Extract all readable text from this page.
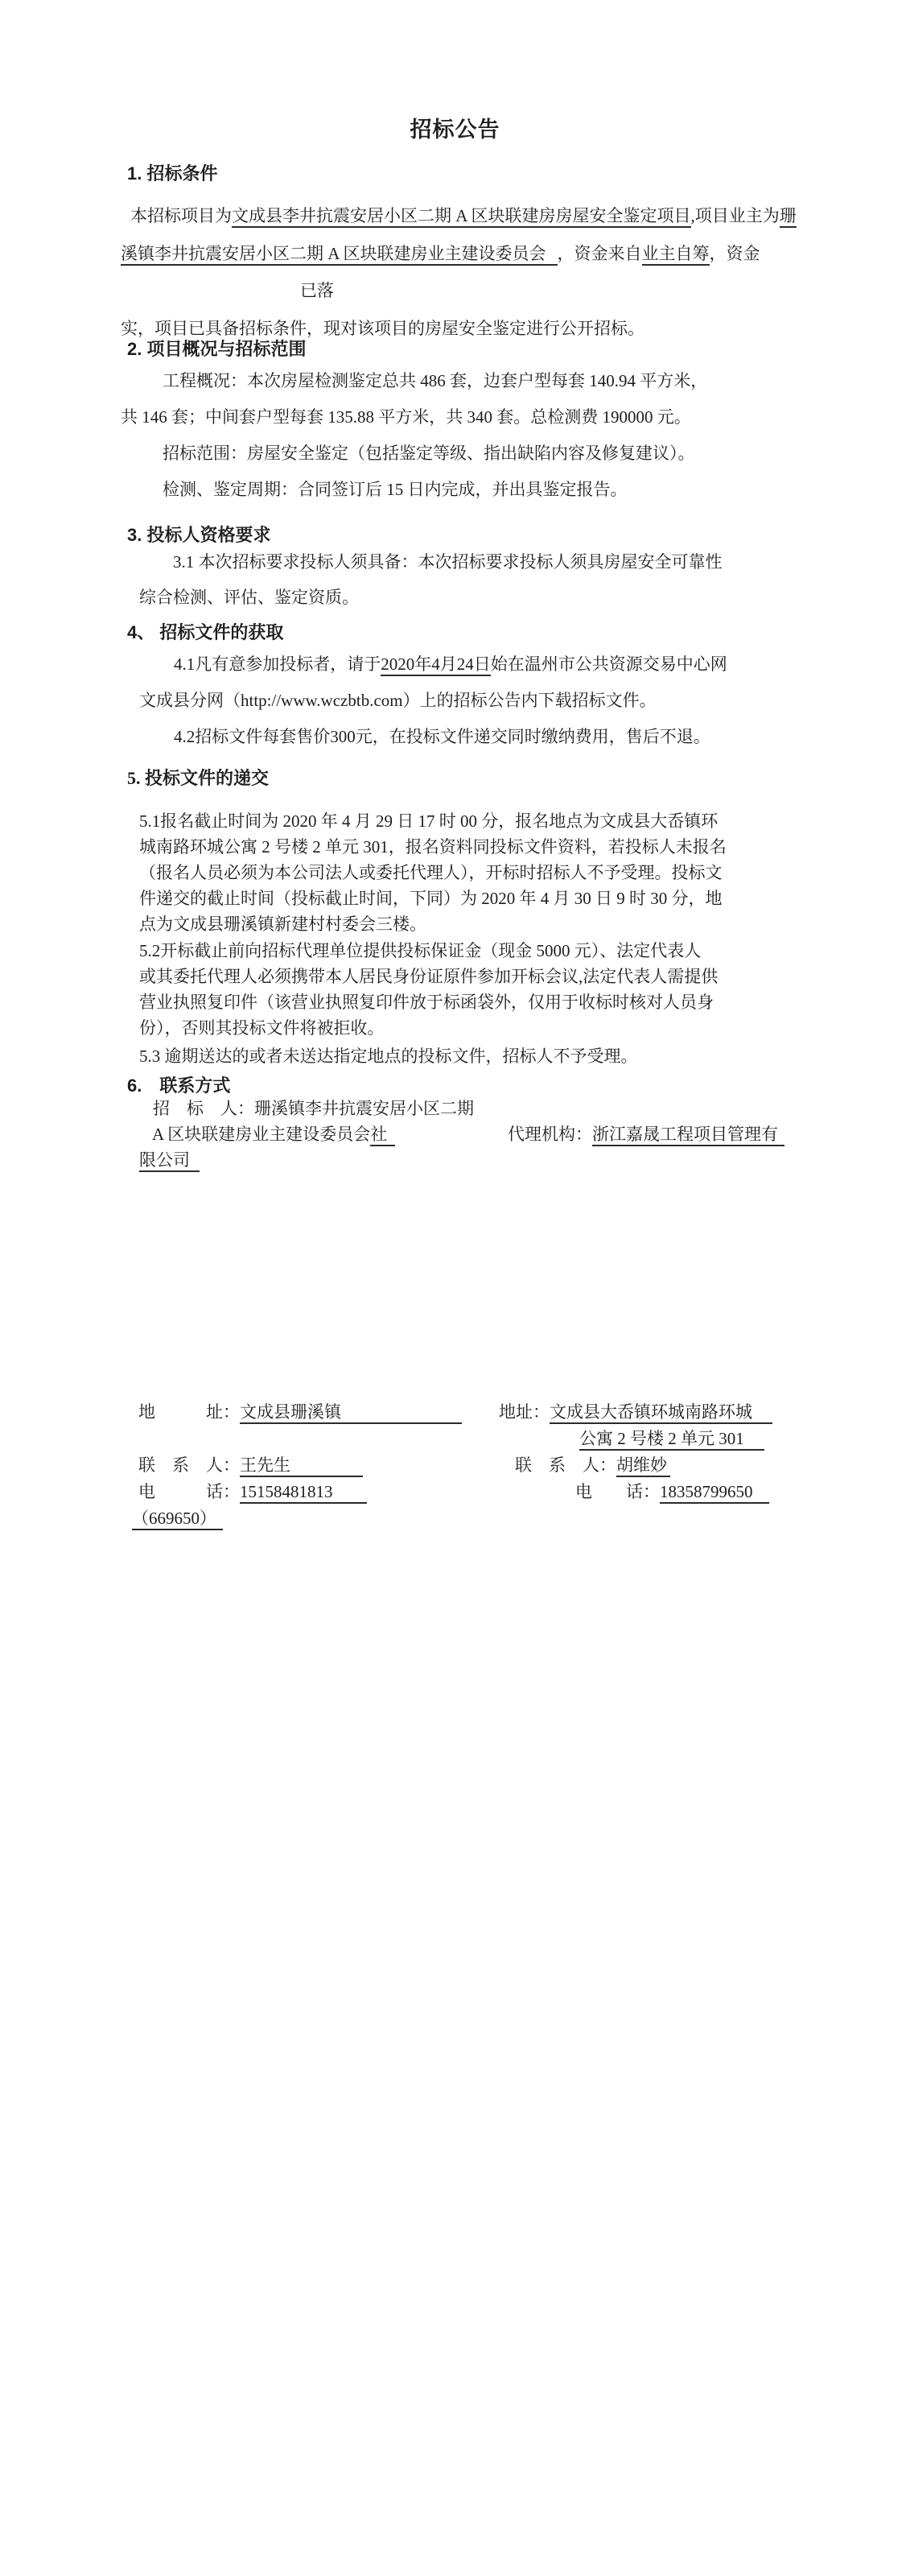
招标公告
1. 招标条件
本招标项目为文成县李井抗震安居小区二期 A 区块联建房房屋安全鉴定项目,项目业主为珊
溪镇李井抗震安居小区二期 A 区块联建房业主建设委员会 ，资金来自业主自筹，资金
已落
实，项目已具备招标条件，现对该项目的房屋安全鉴定进行公开招标。
2. 项目概况与招标范围
工程概况：本次房屋检测鉴定总共 486 套，边套户型每套 140.94 平方米，
共 146 套；中间套户型每套 135.88 平方米，共 340 套。总检测费 190000 元。
招标范围：房屋安全鉴定（包括鉴定等级、指出缺陷内容及修复建议）。
检测、鉴定周期：合同签订后 15 日内完成，并出具鉴定报告。
3. 投标人资格要求
3.1 本次招标要求投标人须具备：本次招标要求投标人须具房屋安全可靠性
综合检测、评估、鉴定资质。
4、 招标文件的获取
4.1凡有意参加投标者，请于2020年4月24日始在温州市公共资源交易中心网
文成县分网（http://www.wczbtb.com）上的招标公告内下载招标文件。
4.2招标文件每套售价300元，在投标文件递交同时缴纳费用，售后不退。
5. 投标文件的递交
5.1报名截止时间为 2020 年 4 月 29 日 17 时 00 分，报名地点为文成县大岙镇环
城南路环城公寓 2 号楼 2 单元 301，报名资料同投标文件资料，若投标人未报名
（报名人员必须为本公司法人或委托代理人），开标时招标人不予受理。投标文
件递交的截止时间（投标截止时间，下同）为 2020 年 4 月 30 日 9 时 30 分，地
点为文成县珊溪镇新建村村委会三楼。
5.2开标截止前向招标代理单位提供投标保证金（现金 5000 元）、法定代表人
或其委托代理人必须携带本人居民身份证原件参加开标会议,法定代表人需提供
营业执照复印件（该营业执照复印件放于标函袋外，仅用于收标时核对人员身
份），否则其投标文件将被拒收。
5.3 逾期送达的或者未送达指定地点的投标文件，招标人不予受理。
6.　联系方式
招　标　人：珊溪镇李井抗震安居小区二期
A 区块联建房业主建设委员会社	代理机构：浙江嘉晟工程项目管理有
限公司
地　　　址：文成县珊溪镇

联　系　人：王先生
电　　　话：15158481813
（669650）
地址：文成县大岙镇环城南路环城
公寓 2 号楼 2 单元 301
联　系　人：胡维妙
电　　话：18358799650
